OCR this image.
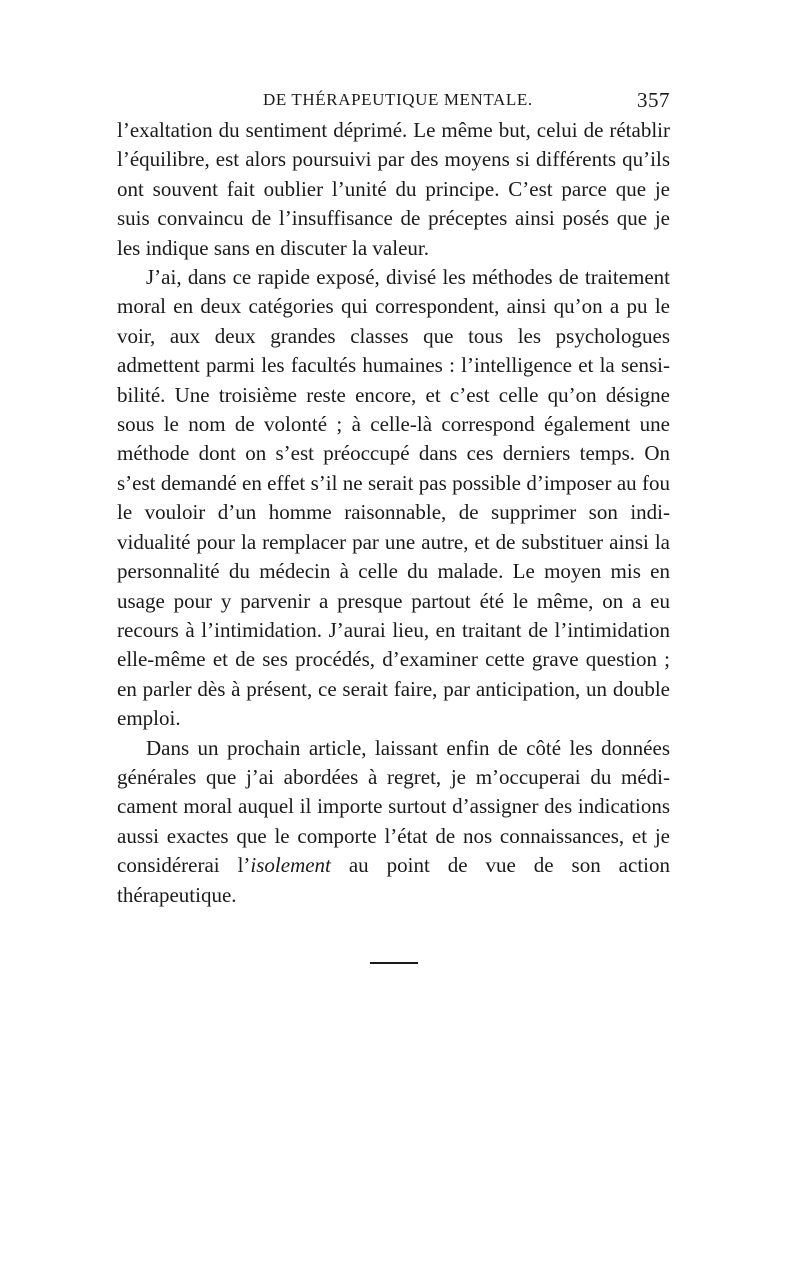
DE THÉRAPEUTIQUE MENTALE.	357

l’exaltation du sentiment déprimé. Le même but, celui de rétablir l’équilibre, est alors poursuivi par des moyens si différents qu’ils ont souvent fait oublier l’unité du principe. C’est parce que je suis convaincu de l’insuffisance de préceptes ainsi posés que je les indique sans en discuter la valeur.

J’ai, dans ce rapide exposé, divisé les méthodes de traitement moral en deux catégories qui correspondent, ainsi qu’on a pu le voir, aux deux grandes classes que tous les psychologues admettent parmi les facultés humaines : l’intelligence et la sensibilité. Une troisième reste encore, et c’est celle qu’on désigne sous le nom de volonté ; à celle-là correspond également une méthode dont on s’est préoccupé dans ces derniers temps. On s’est demandé en effet s’il ne serait pas possible d’imposer au fou le vouloir d’un homme raisonnable, de supprimer son individualité pour la remplacer par une autre, et de substituer ainsi la personnalité du médecin à celle du malade. Le moyen mis en usage pour y parvenir a presque partout été le même, on a eu recours à l’intimidation. J’aurai lieu, en traitant de l’intimidation elle-même et de ses procédés, d’examiner cette grave question ; en parler dès à présent, ce serait faire, par anticipation, un double emploi.

Dans un prochain article, laissant enfin de côté les données générales que j’ai abordées à regret, je m’occuperai du médicament moral auquel il importe surtout d’assigner des indications aussi exactes que le comporte l’état de nos connaissances, et je considérerai l’isolement au point de vue de son action thérapeutique.
